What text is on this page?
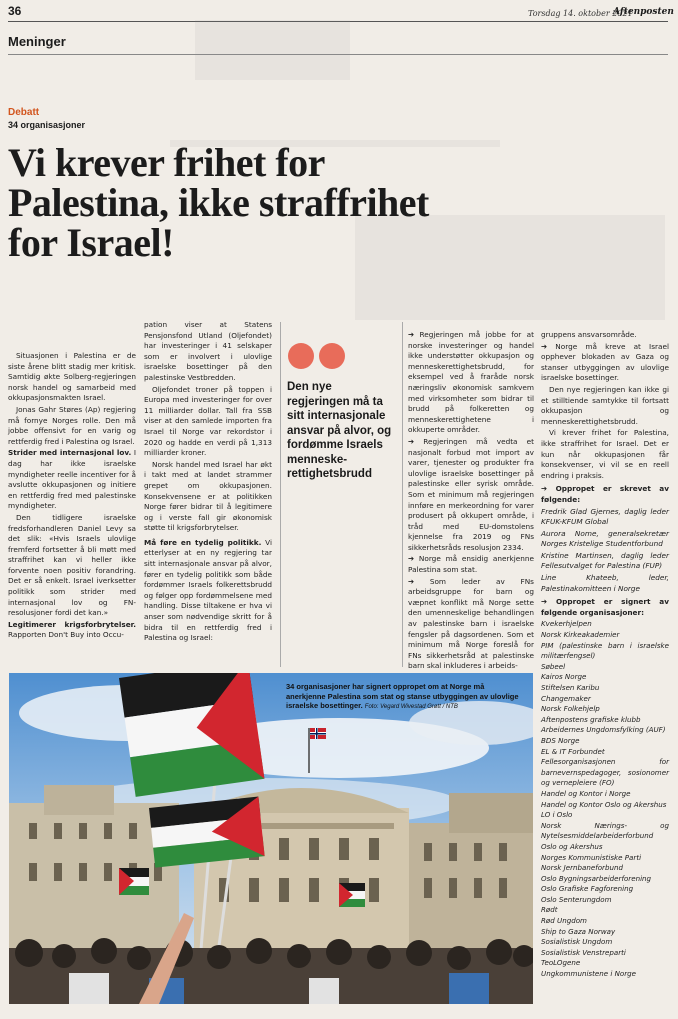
36	Torsdag 14. oktober 2021
Aftenposten
Meninger
Debatt
34 organisasjoner
Vi krever frihet for Palestina, ikke straffrihet for Israel!

Situasjonen i Palestina er de siste årene blitt stadig mer kritisk. Samtidig økte Solberg-regjeringen norsk handel og samarbeid med okkupasjonsmakten Israel.

Jonas Gahr Støres (Ap) regjering må fornye Norges rolle. Den må jobbe offensivt for en varig og rettferdig fred i Palestina og Israel.

Strider med internasjonal lov. I dag har ikke israelske myndigheter reelle incentiver for å avslutte okkupasjonen og initiere en rettferdig fred med palestinske myndigheter.

Den tidligere israelske fredsforhandleren Daniel Levy sa det slik: «Hvis Israels ulovlige fremferd fortsetter å bli møtt med straffrihet kan vi heller ikke forvente noen positiv forandring. Det er så enkelt. Israel iverksetter politikk som strider med internasjonal lov og FN-resolusjoner fordi det kan.»

Legitimerer krigsforbrytelser. Rapporten Don't Buy into Occu-

pation viser at Statens Pensjonsfond Utland (Oljefondet) har investeringer i 41 selskaper som er involvert i ulovlige israelske bosettinger på den palestinske Vestbredden.

Oljefondet troner på toppen i Europa med investeringer for over 11 milliarder dollar. Tall fra SSB viser at den samlede importen fra Israel til Norge var rekordstor i 2020 og hadde en verdi på 1,313 milliarder kroner.

Norsk handel med Israel har økt i takt med at landet strammer grepet om okkupasjonen. Konsekvensene er at politikken Norge fører bidrar til å legitimere og i verste fall gir økonomisk støtte til krigsforbrytelser.

Må føre en tydelig politikk. Vi etterlyser at en ny regjering tar sitt internasjonale ansvar på alvor, fører en tydelig politikk som både fordømmer Israels folkerettsbrudd og følger opp fordømmelsene med handling. Disse tiltakene er hva vi anser som nødvendige skritt for å bidra til en rettferdig fred i Palestina og Israel:

Den nye regjeringen må ta sitt internasjonale ansvar på alvor, og fordømme Israels menneskerettighetsbrudd

➔ Regjeringen må jobbe for at norske investeringer og handel ikke understøtter okkupasjon og menneskerettighetsbrudd, for eksempel ved å fraråde norsk næringsliv økonomisk samkvem med virksomheter som bidrar til brudd på folkeretten og menneskerettighetene i okkuperte områder.

➔ Regjeringen må vedta et nasjonalt forbud mot import av varer, tjenester og produkter fra ulovlige israelske bosettinger på palestinske eller syrisk område. Som et minimum må regjeringen innføre en merkeordning for varer produsert på okkupert område, i tråd med EU-domstolens kjennelse fra 2019 og FNs sikkerhetsråds resolusjon 2334.

➔ Norge må ensidig anerkjenne Palestina som stat.

➔ Som leder av FNs arbeidsgruppe for barn og væpnet konflikt må Norge sette den umenneskelige behandlingen av palestinske barn i israelske fengsler på dagsordenen. Som et minimum må Norge foreslå for FNs sikkerhetsråd at palestinske barn skal inkluderes i arbeids-

gruppens ansvarsområde.

➔ Norge må kreve at Israel opphever blokaden av Gaza og stanser utbyggingen av ulovlige israelske bosettinger.

Den nye regjeringen kan ikke gi et stilltiende samtykke til fortsatt okkupasjon og menneskerettighetsbrudd.

Vi krever frihet for Palestina, ikke straffrihet for Israel. Det er kun når okkupasjonen får konsekvenser, vi vil se en reell endring i praksis.

➔ Oppropet er skrevet av følgende:

Fredrik Glad Gjernes, daglig leder KFUK-KFUM Global

Aurora Nome, generalsekretær Norges Kristelige Studentforbund

Kristine Martinsen, daglig leder Fellesutvalget for Palestina (FUP)

Line Khateeb, leder, Palestinakomitteen i Norge

➔ Oppropet er signert av følgende organisasjoner:

Kvekerhjelpen
Norsk Kirkeakademier
PIM (palestinske barn i israelske militærfengsel)
Søbeel
Kairos Norge
Stiftelsen Karibu
Changemaker
Norsk Folkehjelp
Aftenpostens grafiske klubb
Arbeidernes Ungdomsfylking (AUF)
BDS Norge
EL & IT Forbundet
Fellesorganisasjonen for barnevernspedagoger, sosionomer og vernepleiere (FO)
Handel og Kontor i Norge
Handel og Kontor Oslo og Akershus
LO i Oslo
Norsk Nærings- og Nytelsesmiddelarbeiderforbund Oslo og Akershus
Norges Kommunistiske Parti
Norsk Jernbaneforbund
Oslo Bygningsarbeiderforening
Oslo Grafiske Fagforening
Oslo Senterungdom
Rødt
Rød Ungdom
Ship to Gaza Norway
Sosialistisk Ungdom
Sosialistisk Venstreparti
TeoLOgene
Ungkommunistene i Norge
34 organisasjoner har signert oppropet om at Norge må anerkjenne Palestina som stat og stanse utbyggingen av ulovlige israelske bosettinger. Foto: Vegard Wivestad Grøtt / NTB
